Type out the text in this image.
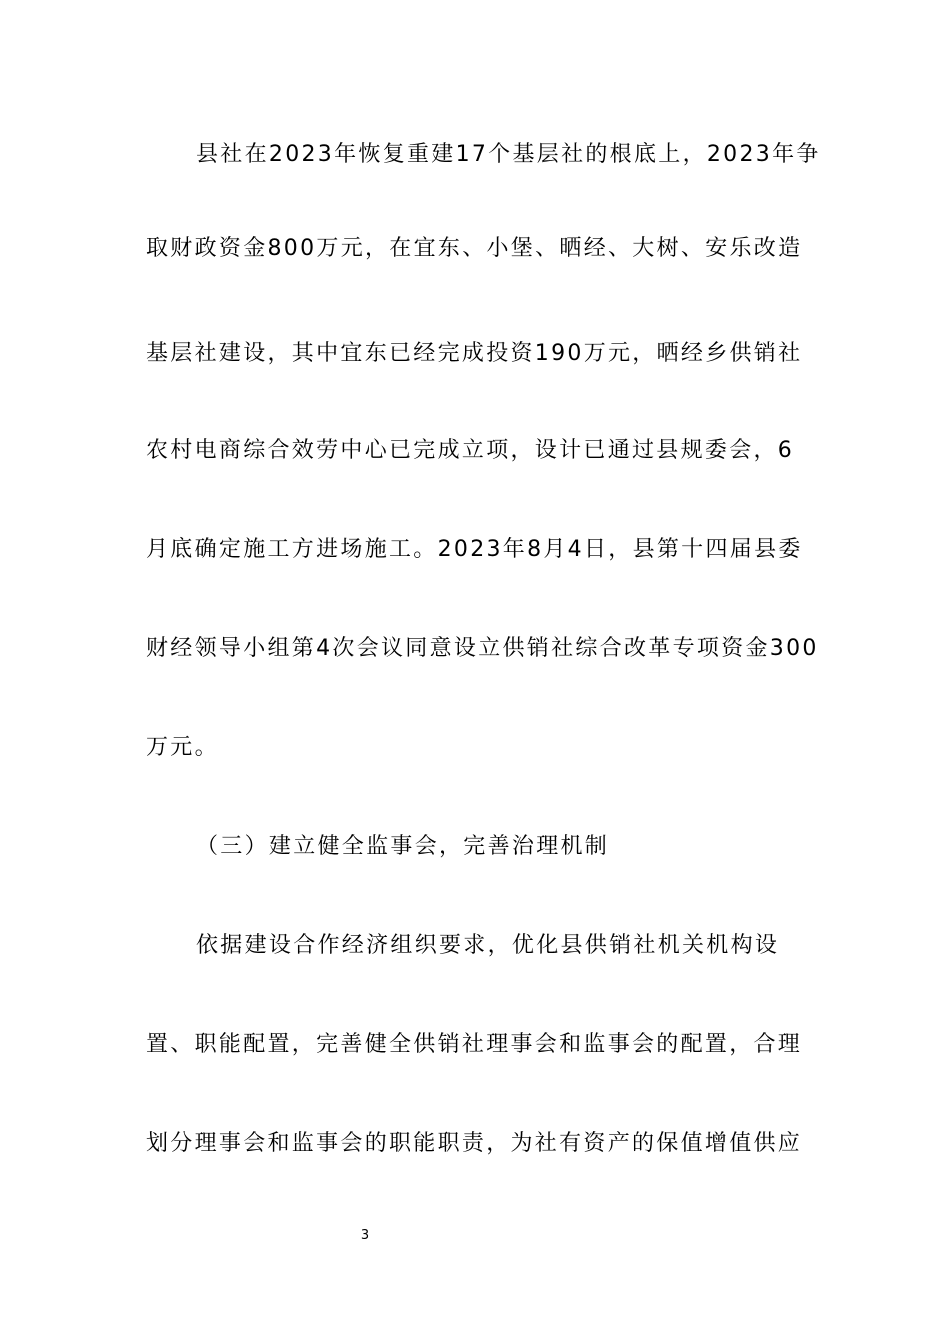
县社在2023年恢复重建17个基层社的根底上，2023年争
取财政资金800万元，在宜东、小堡、晒经、大树、安乐改造
基层社建设，其中宜东已经完成投资190万元，晒经乡供销社
农村电商综合效劳中心已完成立项，设计已通过县规委会，6
月底确定施工方进场施工。2023年8月4日，县第十四届县委
财经领导小组第4次会议同意设立供销社综合改革专项资金300
万元。
（三）建立健全监事会，完善治理机制
依据建设合作经济组织要求，优化县供销社机关机构设
置、职能配置，完善健全供销社理事会和监事会的配置，合理
划分理事会和监事会的职能职责，为社有资产的保值增值供应
3
